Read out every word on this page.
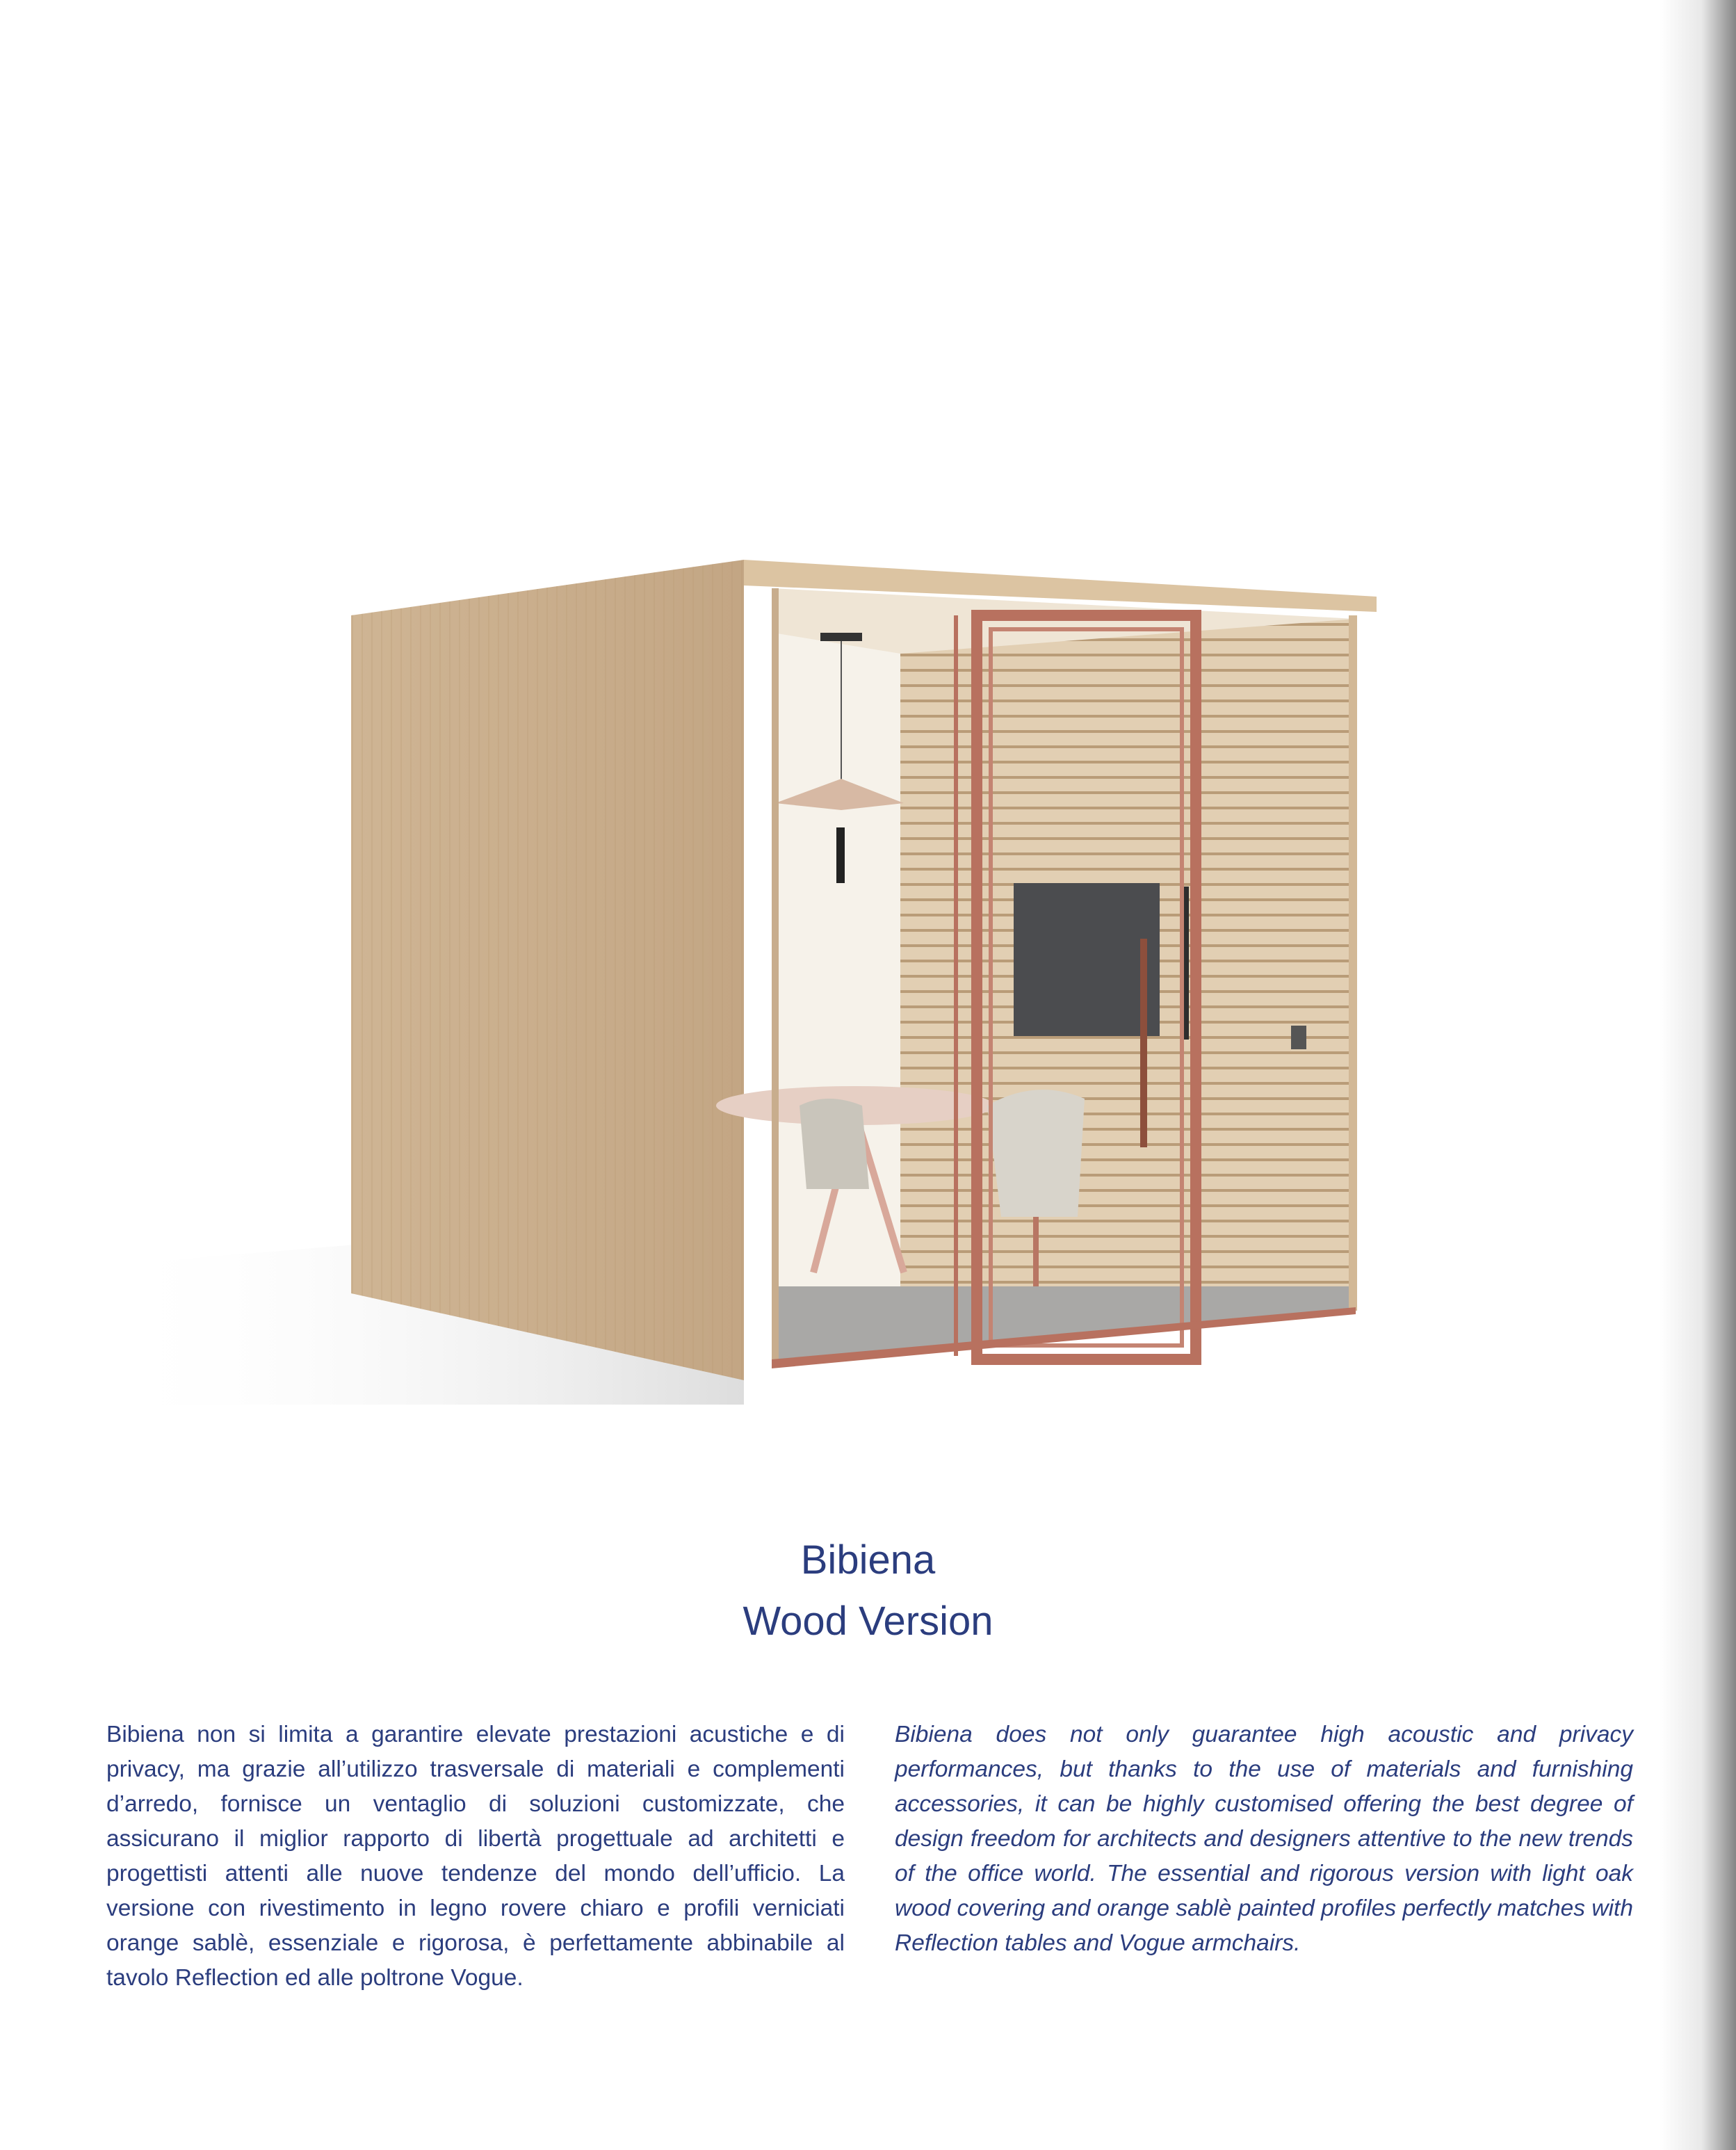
Bibiena
Wood Version
Bibiena non si limita a garantire elevate prestazioni acustiche e di privacy, ma grazie all’utilizzo trasversale di materiali e complementi d’arredo, fornisce un ventaglio di soluzioni customizzate, che assicurano il miglior rapporto di libertà progettuale ad architetti e progettisti attenti alle nuove tendenze del mondo dell’ufficio. La versione con rivestimento in legno rovere chiaro e profili verniciati orange sablè, essenziale e rigorosa, è perfettamente abbinabile al tavolo Reflection ed alle poltrone Vogue.
Bibiena does not only guarantee high acoustic and privacy performances, but thanks to the use of materials and furnishing accessories, it can be highly customised offering the best degree of design freedom for architects and designers attentive to the new trends of the office world. The essential and rigorous version with light oak wood covering and orange sablè painted profiles perfectly matches with Reflection tables and Vogue armchairs.
